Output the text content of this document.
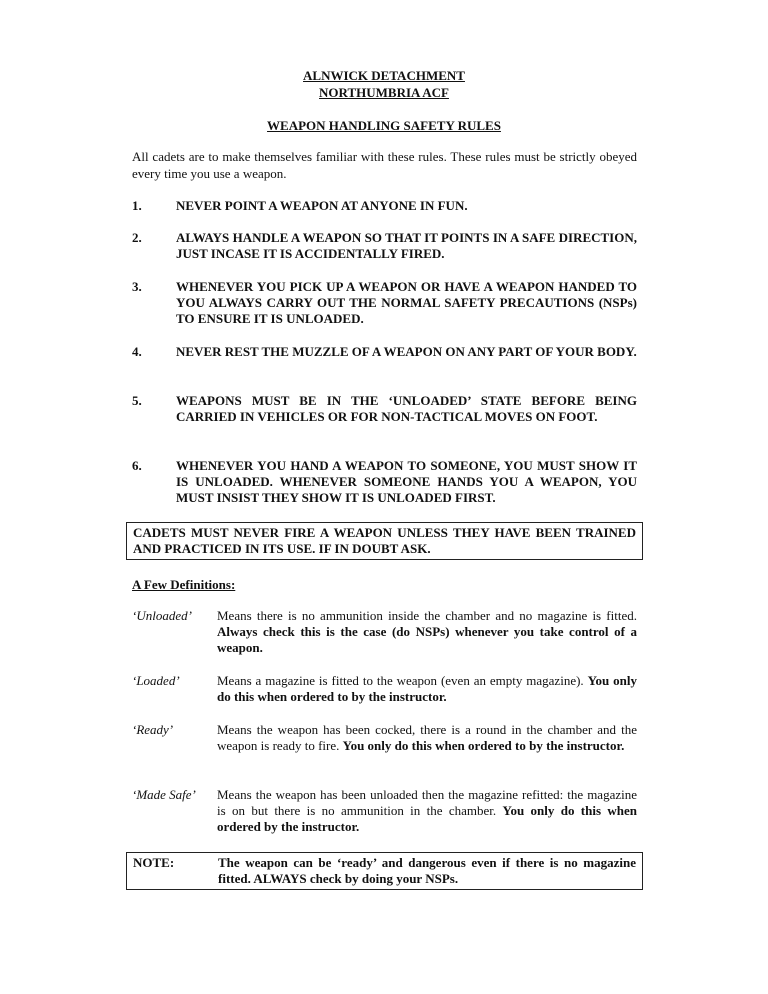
ALNWICK DETACHMENT
NORTHUMBRIA ACF
WEAPON HANDLING SAFETY RULES
All cadets are to make themselves familiar with these rules. These rules must be strictly obeyed every time you use a weapon.
1.	NEVER POINT A WEAPON AT ANYONE IN FUN.
2.	ALWAYS HANDLE A WEAPON SO THAT IT POINTS IN A SAFE DIRECTION, JUST INCASE IT IS ACCIDENTALLY FIRED.
3.	WHENEVER YOU PICK UP A WEAPON OR HAVE A WEAPON HANDED TO YOU ALWAYS CARRY OUT THE NORMAL SAFETY PRECAUTIONS (NSPs) TO ENSURE IT IS UNLOADED.
4.	NEVER REST THE MUZZLE OF A WEAPON ON ANY PART OF YOUR BODY.
5.	WEAPONS MUST BE IN THE ‘UNLOADED’ STATE BEFORE BEING CARRIED IN VEHICLES OR FOR NON-TACTICAL MOVES ON FOOT.
6.	WHENEVER YOU HAND A WEAPON TO SOMEONE, YOU MUST SHOW IT IS UNLOADED. WHENEVER SOMEONE HANDS YOU A WEAPON, YOU MUST INSIST THEY SHOW IT IS UNLOADED FIRST.
CADETS MUST NEVER FIRE A WEAPON UNLESS THEY HAVE BEEN TRAINED AND PRACTICED IN ITS USE. IF IN DOUBT ASK.
A Few Definitions:
‘Unloaded’ Means there is no ammunition inside the chamber and no magazine is fitted. Always check this is the case (do NSPs) whenever you take control of a weapon.
‘Loaded’	Means a magazine is fitted to the weapon (even an empty magazine). You only do this when ordered to by the instructor.
‘Ready’	Means the weapon has been cocked, there is a round in the chamber and the weapon is ready to fire. You only do this when ordered to by the instructor.
‘Made Safe’ Means the weapon has been unloaded then the magazine refitted: the magazine is on but there is no ammunition in the chamber. You only do this when ordered by the instructor.
NOTE:	The weapon can be ‘ready’ and dangerous even if there is no magazine fitted. ALWAYS check by doing your NSPs.
